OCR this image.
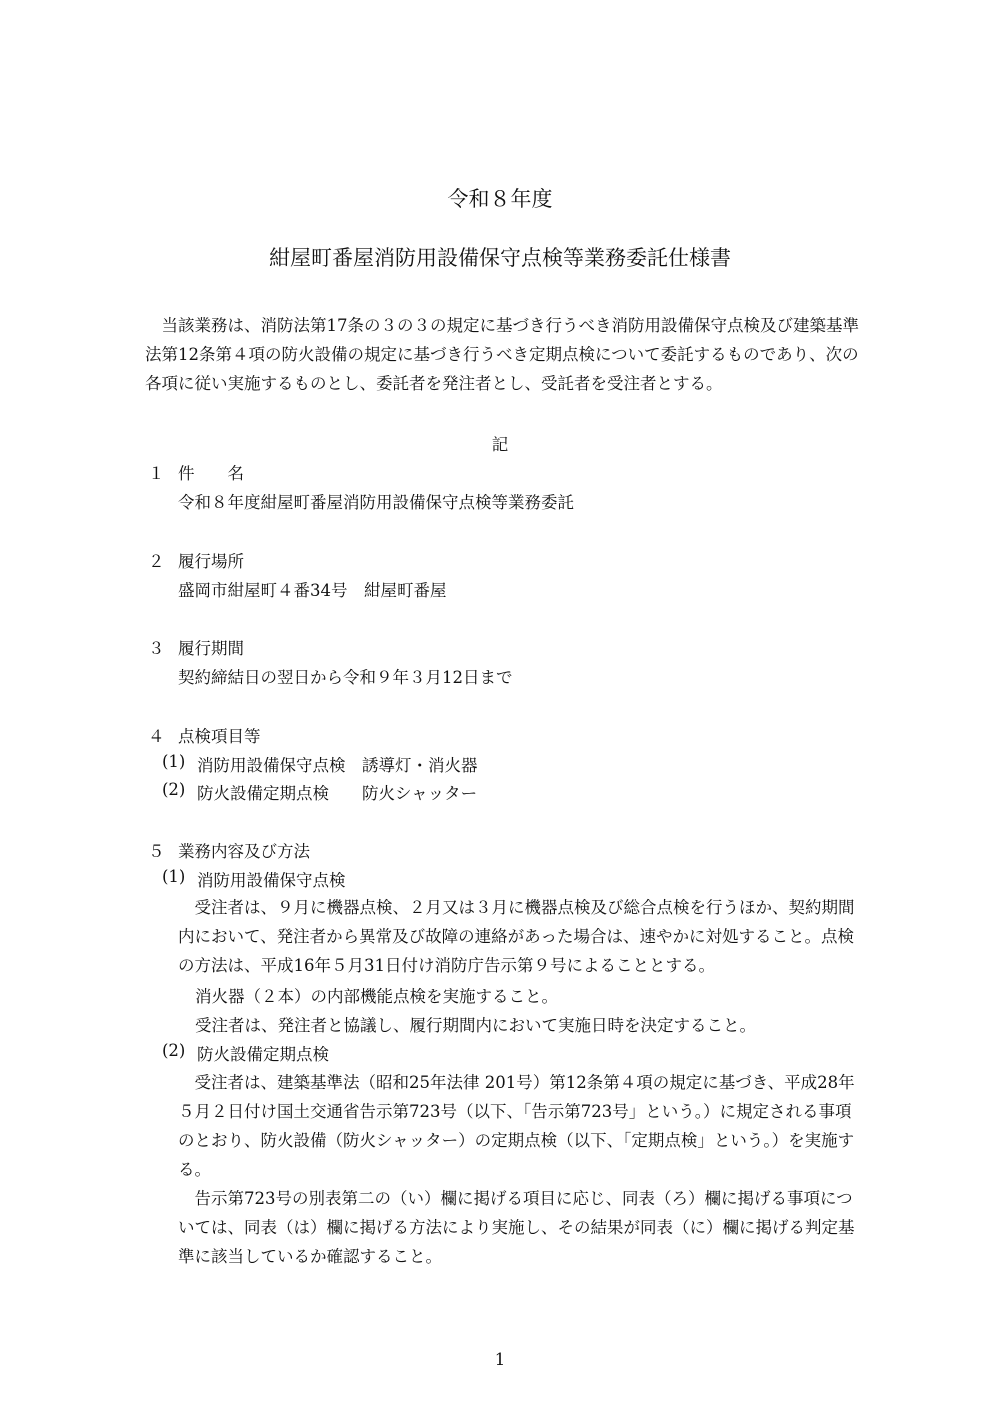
令和８年度
紺屋町番屋消防用設備保守点検等業務委託仕様書
当該業務は、消防法第17条の３の３の規定に基づき行うべき消防用設備保守点検及び建築基準法第12条第４項の防火設備の規定に基づき行うべき定期点検について委託するものであり、次の各項に従い実施するものとし、委託者を発注者とし、受託者を受注者とする。
記
１ 件　　名
令和８年度紺屋町番屋消防用設備保守点検等業務委託
２ 履行場所
盛岡市紺屋町４番34号　紺屋町番屋
３ 履行期間
契約締結日の翌日から令和９年３月12日まで
４ 点検項目等
(1) 消防用設備保守点検　誘導灯・消火器
(2) 防火設備定期点検　　防火シャッター
５ 業務内容及び方法
(1) 消防用設備保守点検
受注者は、９月に機器点検、２月又は３月に機器点検及び総合点検を行うほか、契約期間内において、発注者から異常及び故障の連絡があった場合は、速やかに対処すること。点検の方法は、平成16年５月31日付け消防庁告示第９号によることとする。
消火器（２本）の内部機能点検を実施すること。
受注者は、発注者と協議し、履行期間内において実施日時を決定すること。
(2) 防火設備定期点検
受注者は、建築基準法（昭和25年法律 201号）第12条第４項の規定に基づき、平成28年５月２日付け国土交通省告示第723号（以下、「告示第723号」という。）に規定される事項のとおり、防火設備（防火シャッター）の定期点検（以下、「定期点検」という。）を実施する。
告示第723号の別表第二の（い）欄に掲げる項目に応じ、同表（ろ）欄に掲げる事項については、同表（は）欄に掲げる方法により実施し、その結果が同表（に）欄に掲げる判定基準に該当しているか確認すること。
1
